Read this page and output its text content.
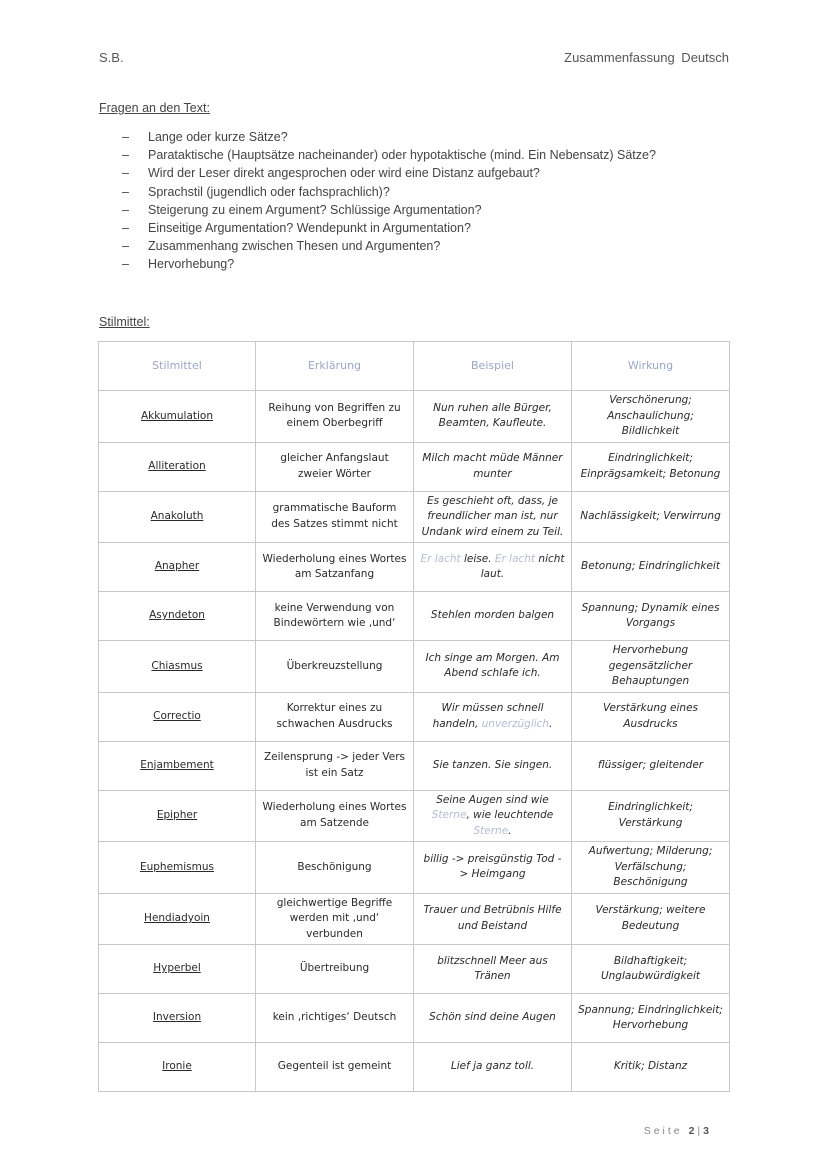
S.B.	Zusammenfassung Deutsch
Fragen an den Text:
– Lange oder kurze Sätze?
– Parataktische (Hauptsätze nacheinander) oder hypotaktische (mind. Ein Nebensatz) Sätze?
– Wird der Leser direkt angesprochen oder wird eine Distanz aufgebaut?
– Sprachstil (jugendlich oder fachsprachlich)?
– Steigerung zu einem Argument? Schlüssige Argumentation?
– Einseitige Argumentation? Wendepunkt in Argumentation?
– Zusammenhang zwischen Thesen und Argumenten?
– Hervorhebung?
Stilmittel:
Stilmittel	Erklärung	Beispiel	Wirkung
Akkumulation	Reihung von Begriffen zu einem Oberbegriff	Nun ruhen alle Bürger, Beamten, Kaufleute.	Verschönerung; Anschaulichung; Bildlichkeit
Alliteration	gleicher Anfangslaut zweier Wörter	Milch macht müde Männer munter	Eindringlichkeit; Einprägsamkeit; Betonung
Anakoluth	grammatische Bauform des Satzes stimmt nicht	Es geschieht oft, dass, je freundlicher man ist, nur Undank wird einem zu Teil.	Nachlässigkeit; Verwirrung
Anapher	Wiederholung eines Wortes am Satzanfang	Er lacht leise. Er lacht nicht laut.	Betonung; Eindringlichkeit
Asyndeton	keine Verwendung von Bindewörtern wie ‚und‘	Stehlen morden balgen	Spannung; Dynamik eines Vorgangs
Chiasmus	Überkreuzstellung	Ich singe am Morgen. Am Abend schlafe ich.	Hervorhebung gegensätzlicher Behauptungen
Correctio	Korrektur eines zu schwachen Ausdrucks	Wir müssen schnell handeln, unverzüglich.	Verstärkung eines Ausdrucks
Enjambement	Zeilensprung -> jeder Vers ist ein Satz	Sie tanzen. Sie singen.	flüssiger; gleitender
Epipher	Wiederholung eines Wortes am Satzende	Seine Augen sind wie Sterne, wie leuchtende Sterne.	Eindringlichkeit; Verstärkung
Euphemismus	Beschönigung	billig -> preisgünstig Tod -> Heimgang	Aufwertung; Milderung; Verfälschung; Beschönigung
Hendiadyoin	gleichwertige Begriffe werden mit ‚und‘ verbunden	Trauer und Betrübnis Hilfe und Beistand	Verstärkung; weitere Bedeutung
Hyperbel	Übertreibung	blitzschnell Meer aus Tränen	Bildhaftigkeit; Unglaubwürdigkeit
Inversion	kein ‚richtiges‘ Deutsch	Schön sind deine Augen	Spannung; Eindringlichkeit; Hervorhebung
Ironie	Gegenteil ist gemeint	Lief ja ganz toll.	Kritik; Distanz
Seite 2|3
